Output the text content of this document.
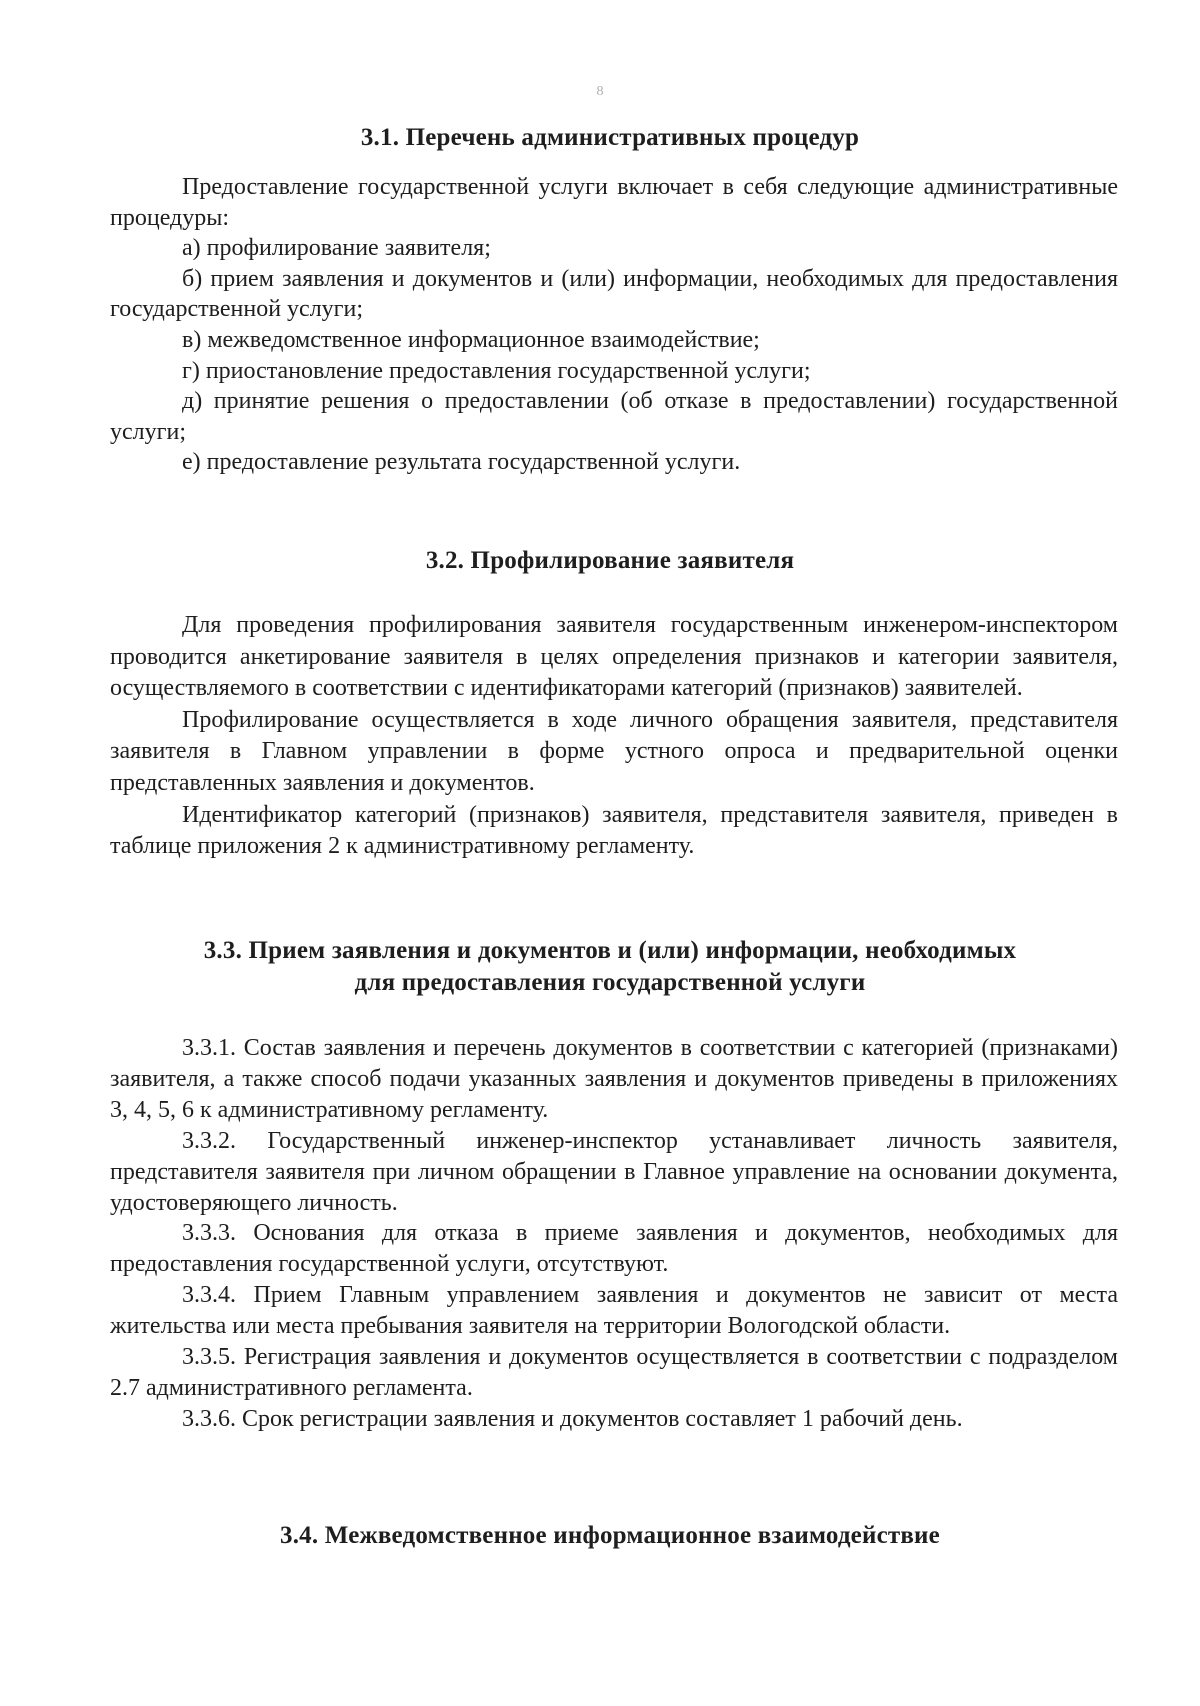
8
3.1. Перечень административных процедур

Предоставление государственной услуги включает в себя следующие административные процедуры:

а) профилирование заявителя;

б) прием заявления и документов и (или) информации, необходимых для предоставления государственной услуги;

в) межведомственное информационное взаимодействие;

г) приостановление предоставления государственной услуги;

д) принятие решения о предоставлении (об отказе в предоставлении) государственной услуги;

е) предоставление результата государственной услуги.

3.2. Профилирование заявителя

Для проведения профилирования заявителя государственным инженером-инспектором проводится анкетирование заявителя в целях определения признаков и категории заявителя, осуществляемого в соответствии с идентификаторами категорий (признаков) заявителей.

Профилирование осуществляется в ходе личного обращения заявителя, представителя заявителя в Главном управлении в форме устного опроса и предварительной оценки представленных заявления и документов.

Идентификатор категорий (признаков) заявителя, представителя заявителя, приведен в таблице приложения 2 к административному регламенту.

3.3. Прием заявления и документов и (или) информации, необходимых
для предоставления государственной услуги

3.3.1. Состав заявления и перечень документов в соответствии с категорией (признаками) заявителя, а также способ подачи указанных заявления и документов приведены в приложениях 3, 4, 5, 6 к административному регламенту.

3.3.2. Государственный инженер-инспектор устанавливает личность заявителя, представителя заявителя при личном обращении в Главное управление на основании документа, удостоверяющего личность.

3.3.3. Основания для отказа в приеме заявления и документов, необходимых для предоставления государственной услуги, отсутствуют.

3.3.4. Прием Главным управлением заявления и документов не зависит от места жительства или места пребывания заявителя на территории Вологодской области.

3.3.5. Регистрация заявления и документов осуществляется в соответствии с подразделом 2.7 административного регламента.

3.3.6. Срок регистрации заявления и документов составляет 1 рабочий день.

3.4. Межведомственное информационное взаимодействие
